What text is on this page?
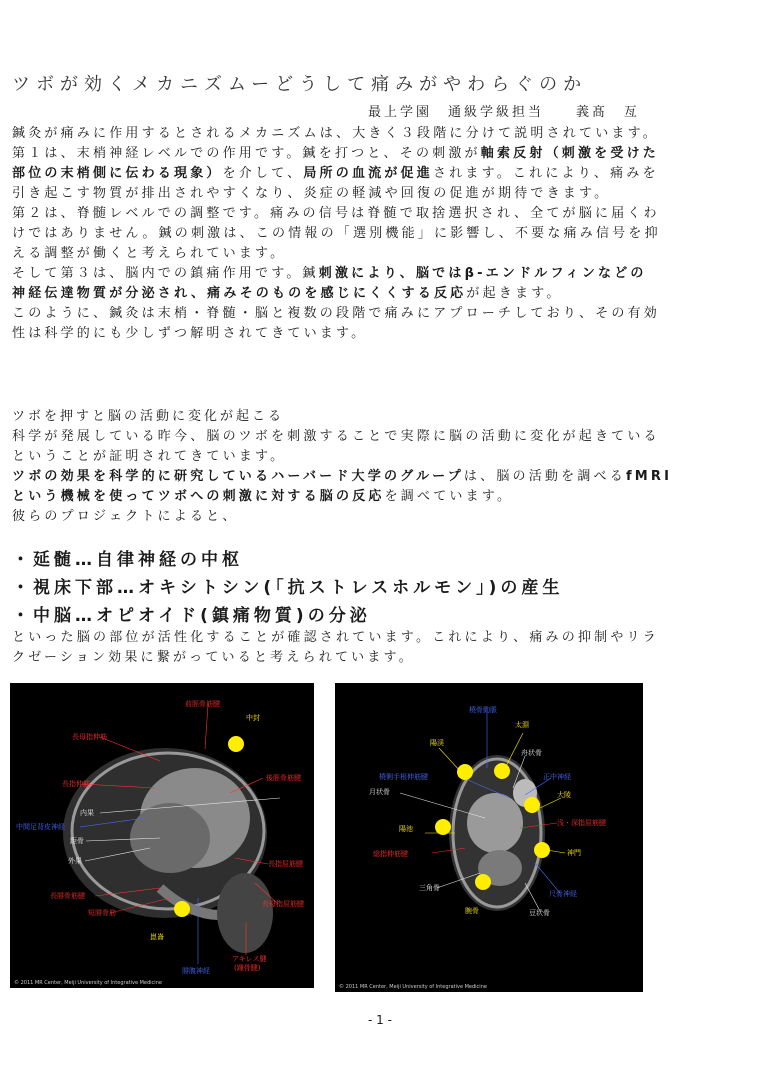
ツボが効くメカニズムーどうして痛みがやわらぐのか
最上学園　通級学級担当　　義髙　亙
鍼灸が痛みに作用するとされるメカニズムは、大きく３段階に分けて説明されています。
第１は、末梢神経レベルでの作用です。鍼を打つと、その刺激が軸索反射（刺激を受けた
部位の末梢側に伝わる現象）を介して、局所の血流が促進されます。これにより、痛みを
引き起こす物質が排出されやすくなり、炎症の軽減や回復の促進が期待できます。
第２は、脊髄レベルでの調整です。痛みの信号は脊髄で取捨選択され、全てが脳に届くわ
けではありません。鍼の刺激は、この情報の「選別機能」に影響し、不要な痛み信号を抑
える調整が働くと考えられています。
そして第３は、脳内での鎮痛作用です。鍼刺激により、脳ではβ-エンドルフィンなどの
神経伝達物質が分泌され、痛みそのものを感じにくくする反応が起きます。
このように、鍼灸は末梢・脊髄・脳と複数の段階で痛みにアプローチしており、その有効
性は科学的にも少しずつ解明されてきています。
ツボを押すと脳の活動に変化が起こる
科学が発展している昨今、脳のツボを刺激することで実際に脳の活動に変化が起きている
ということが証明されてきています。
ツボの効果を科学的に研究しているハーバード大学のグループは、脳の活動を調べるfMRI
という機械を使ってツボへの刺激に対する脳の反応を調べています。
彼らのプロジェクトによると、
・延髄…自律神経の中枢
・視床下部…オキシトシン(「抗ストレスホルモン」)の産生
・中脳…オピオイド(鎮痛物質)の分泌
といった脳の部位が活性化することが確認されています。これにより、痛みの抑制やリラ
クゼーション効果に繋がっていると考えられています。
前脛骨筋腱
中封
長母指伸筋
長指伸筋
後脛骨筋腱
内果
中間足背皮神経
距骨
外果	長指屈筋腱
長腓骨筋腱
長母指屈筋腱
短腓骨筋
崑崙
腓腹神経
アキレス腱
(踵骨腱)
© 2011 MR Center, Meiji University of Integrative Medicine
橈骨動脈
太淵
陽渓
舟状骨
橈側手根伸筋腱	正中神経
月状骨	大陵
陽池
浅・深指屈筋腱
総指伸筋腱	神門
三角骨
尺骨神経
腕骨	豆状骨
© 2011 MR Center, Meiji University of Integrative Medicine
- 1 -
